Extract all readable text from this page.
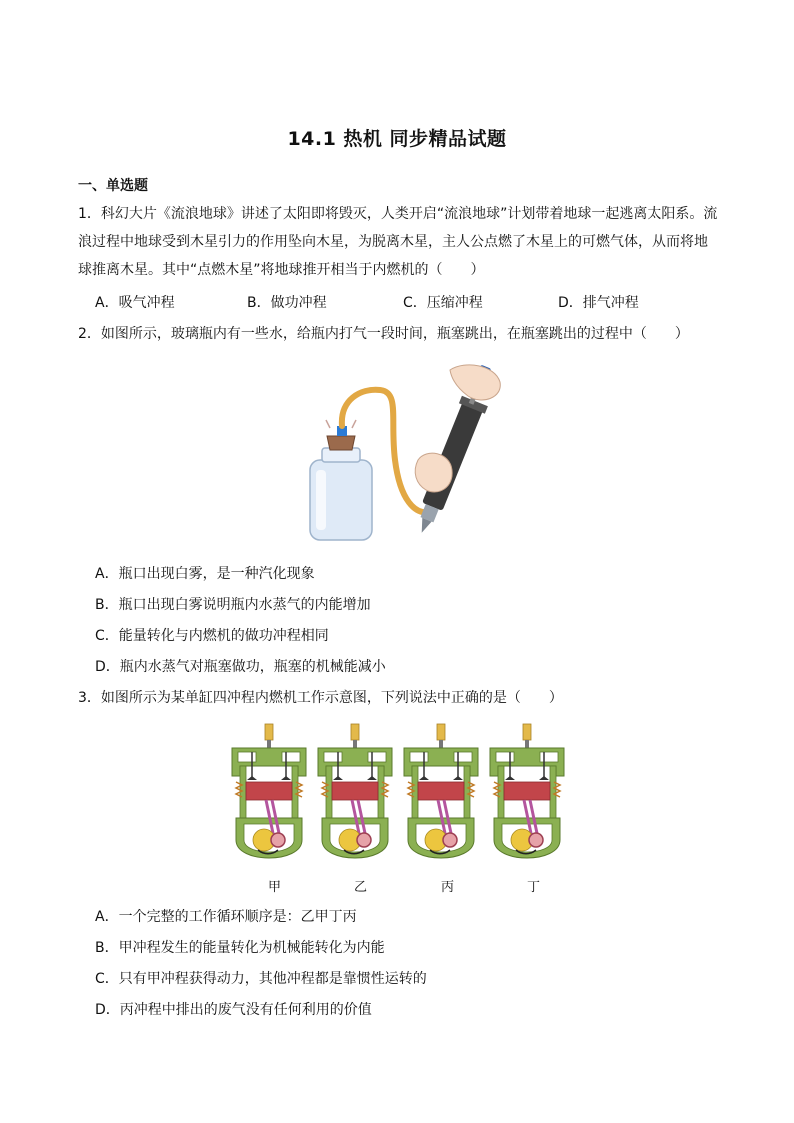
14.1 热机 同步精品试题
一、单选题
1．科幻大片《流浪地球》讲述了太阳即将毁灭，人类开启“流浪地球”计划带着地球一起逃离太阳系。流浪过程中地球受到木星引力的作用坠向木星，为脱离木星，主人公点燃了木星上的可燃气体，从而将地球推离木星。其中“点燃木星”将地球推开相当于内燃机的（　　）
A．吸气冲程	B．做功冲程	C．压缩冲程	D．排气冲程
2．如图所示，玻璃瓶内有一些水，给瓶内打气一段时间，瓶塞跳出，在瓶塞跳出的过程中（　　）
A．瓶口出现白雾，是一种汽化现象
B．瓶口出现白雾说明瓶内水蒸气的内能增加
C．能量转化与内燃机的做功冲程相同
D．瓶内水蒸气对瓶塞做功，瓶塞的机械能减小
3．如图所示为某单缸四冲程内燃机工作示意图，下列说法中正确的是（　　）
甲	乙	丙	丁
A．一个完整的工作循环顺序是：乙甲丁丙
B．甲冲程发生的能量转化为机械能转化为内能
C．只有甲冲程获得动力，其他冲程都是靠惯性运转的
D．丙冲程中排出的废气没有任何利用的价值
